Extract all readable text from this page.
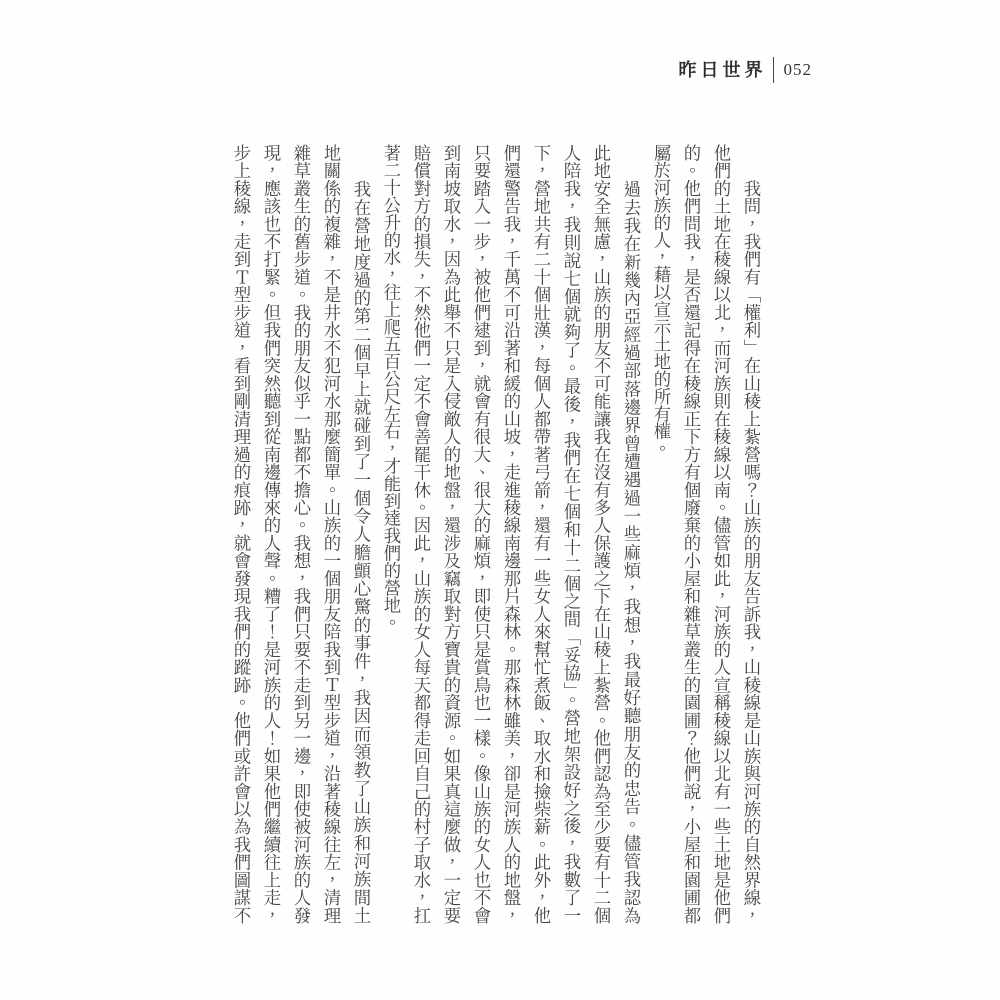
昨日世界 052
　　我問，我們有「權利」在山稜上紮營嗎？山族的朋友告訴我，山稜線是山族與河族的自然界線，
他們的土地在稜線以北，而河族則在稜線以南。儘管如此，河族的人宣稱稜線以北有一些土地是他們
的。他們問我，是否還記得在稜線正下方有個廢棄的小屋和雜草叢生的園圃？他們說，小屋和園圃都
屬於河族的人，藉以宣示土地的所有權。
　　過去我在新幾內亞經過部落邊界曾遭遇過一些麻煩，我想，我最好聽朋友的忠告。儘管我認為
此地安全無慮，山族的朋友不可能讓我在沒有多人保護之下在山稜上紮營。他們認為至少要有十二個
人陪我，我則說七個就夠了。最後，我們在七個和十二個之間「妥協」。營地架設好之後，我數了一
下，營地共有二十個壯漢，每個人都帶著弓箭，還有一些女人來幫忙煮飯、取水和撿柴薪。此外，他
們還警告我，千萬不可沿著和緩的山坡，走進稜線南邊那片森林。那森林雖美，卻是河族人的地盤，
只要踏入一步，被他們逮到，就會有很大、很大的麻煩，即使只是賞鳥也一樣。像山族的女人也不會
到南坡取水，因為此舉不只是入侵敵人的地盤，還涉及竊取對方寶貴的資源。如果真這麼做，一定要
賠償對方的損失，不然他們一定不會善罷干休。因此，山族的女人每天都得走回自己的村子取水，扛
著二十公升的水，往上爬五百公尺左右，才能到達我們的營地。
　　我在營地度過的第二個早上就碰到了一個令人膽顫心驚的事件，我因而領教了山族和河族間土
地關係的複雜，不是井水不犯河水那麼簡單。山族的一個朋友陪我到Ｔ型步道，沿著稜線往左，清理
雜草叢生的舊步道。我的朋友似乎一點都不擔心。我想，我們只要不走到另一邊，即使被河族的人發
現，應該也不打緊。但我們突然聽到從南邊傳來的人聲。糟了！是河族的人！如果他們繼續往上走，
步上稜線，走到Ｔ型步道，看到剛清理過的痕跡，就會發現我們的蹤跡。他們或許會以為我們圖謀不
